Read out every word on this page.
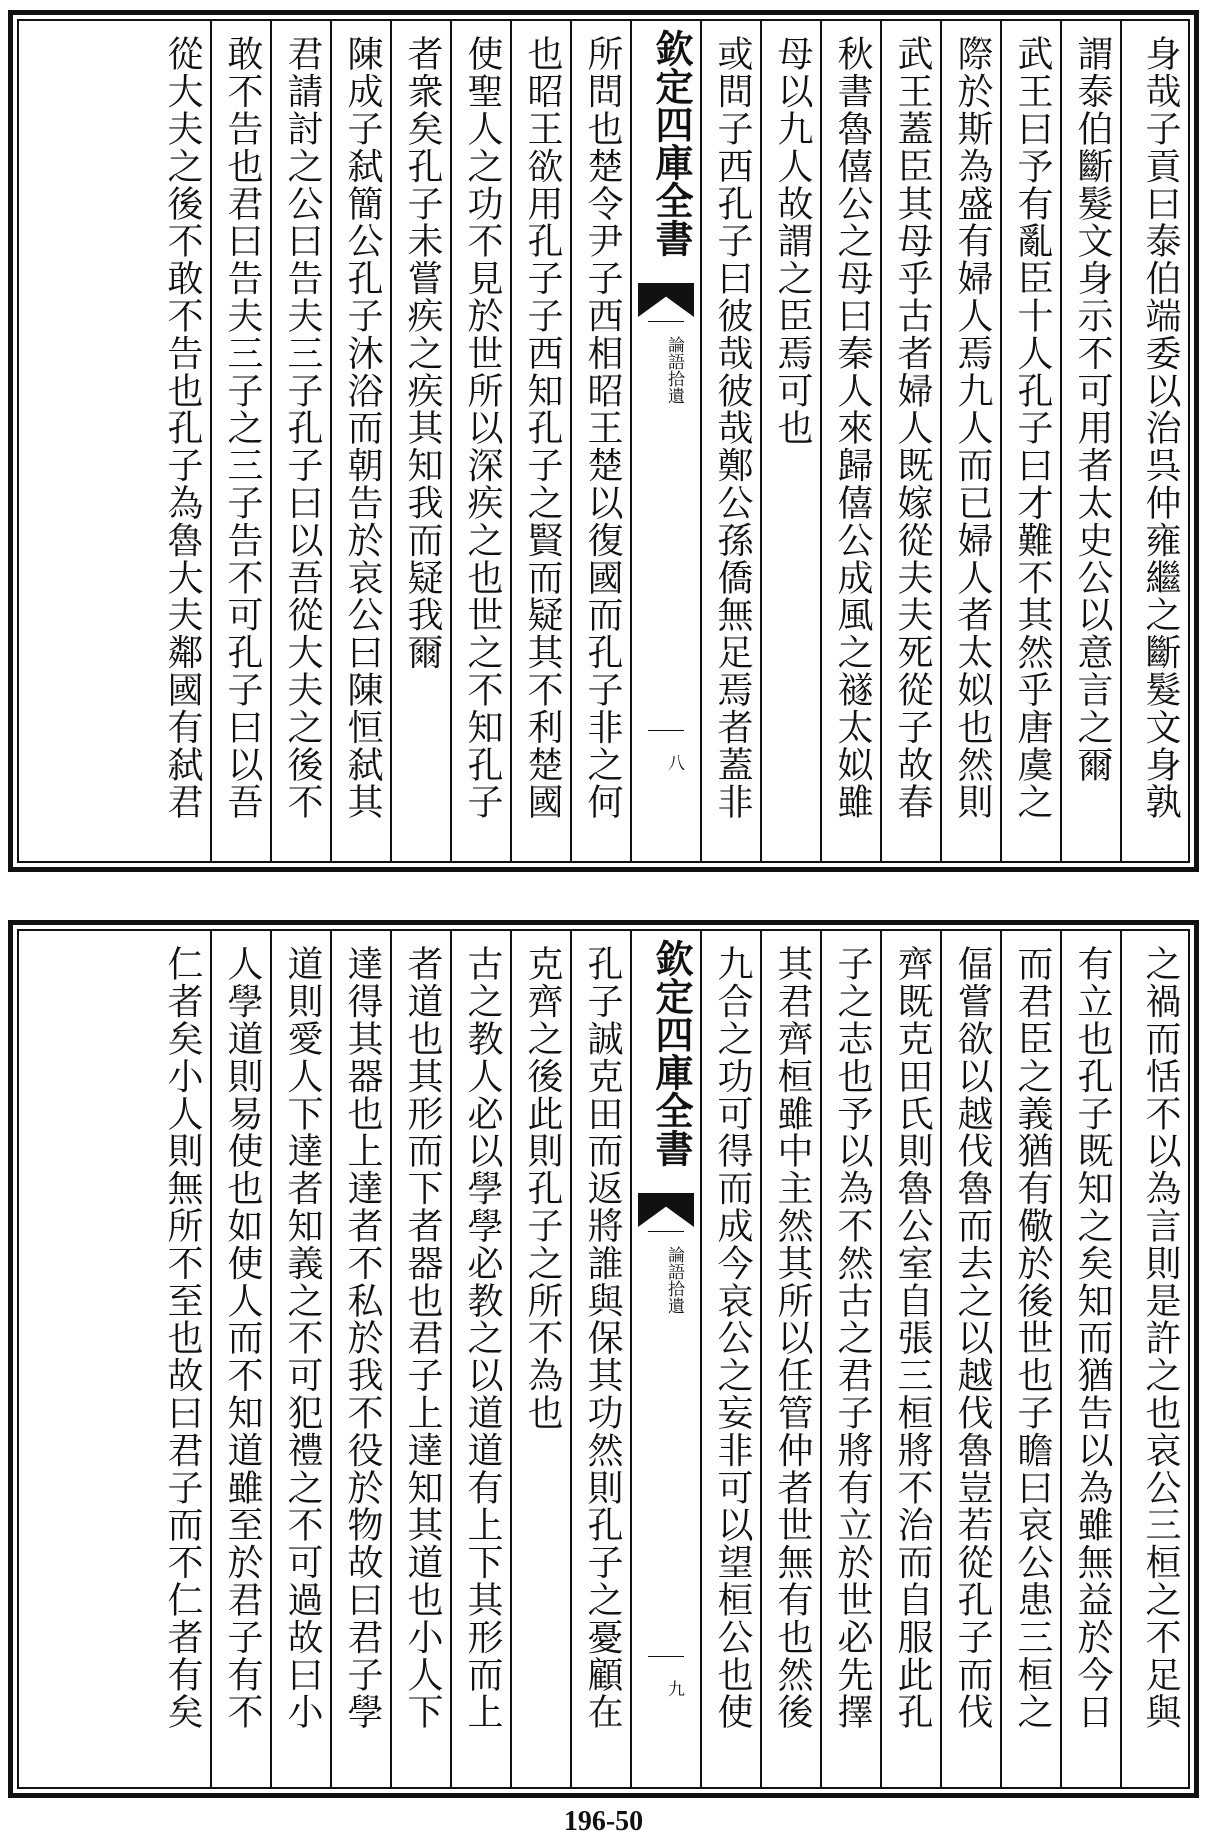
身哉子貢曰泰伯端委以治呉仲雍繼之斷髮文身孰
謂泰伯斷髮文身示不可用者太史公以意言之爾
武王曰予有亂臣十人孔子曰才難不其然乎唐虞之
際於斯為盛有婦人焉九人而已婦人者太姒也然則
武王蓋臣其母乎古者婦人既嫁從夫夫死從子故春
秋書魯僖公之母曰秦人來歸僖公成風之禭太姒雖
母以九人故謂之臣焉可也
或問子西孔子曰彼哉彼哉鄭公孫僑無足焉者蓋非
欽定四庫全書
論語拾遺
八
所問也楚令尹子西相昭王楚以復國而孔子非之何
也昭王欲用孔子子西知孔子之賢而疑其不利楚國
使聖人之功不見於世所以深疾之也世之不知孔子
者衆矣孔子未嘗疾之疾其知我而疑我爾
陳成子弑簡公孔子沐浴而朝告於哀公曰陳恒弑其
君請討之公曰告夫三子孔子曰以吾從大夫之後不
敢不告也君曰告夫三子之三子告不可孔子曰以吾
從大夫之後不敢不告也孔子為魯大夫鄰國有弑君
之禍而恬不以為言則是許之也哀公三桓之不足與
有立也孔子既知之矣知而猶告以為雖無益於今日
而君臣之義猶有儆於後世也子瞻曰哀公患三桓之
偪嘗欲以越伐魯而去之以越伐魯豈若從孔子而伐
齊既克田氏則魯公室自張三桓將不治而自服此孔
子之志也予以為不然古之君子將有立於世必先擇
其君齊桓雖中主然其所以任管仲者世無有也然後
九合之功可得而成今哀公之妄非可以望桓公也使
欽定四庫全書
論語拾遺
九
孔子誠克田而返將誰與保其功然則孔子之憂顧在
克齊之後此則孔子之所不為也
古之教人必以學學必教之以道道有上下其形而上
者道也其形而下者器也君子上達知其道也小人下
達得其器也上達者不私於我不役於物故曰君子學
道則愛人下達者知義之不可犯禮之不可過故曰小
人學道則易使也如使人而不知道雖至於君子有不
仁者矣小人則無所不至也故曰君子而不仁者有矣
196-50
